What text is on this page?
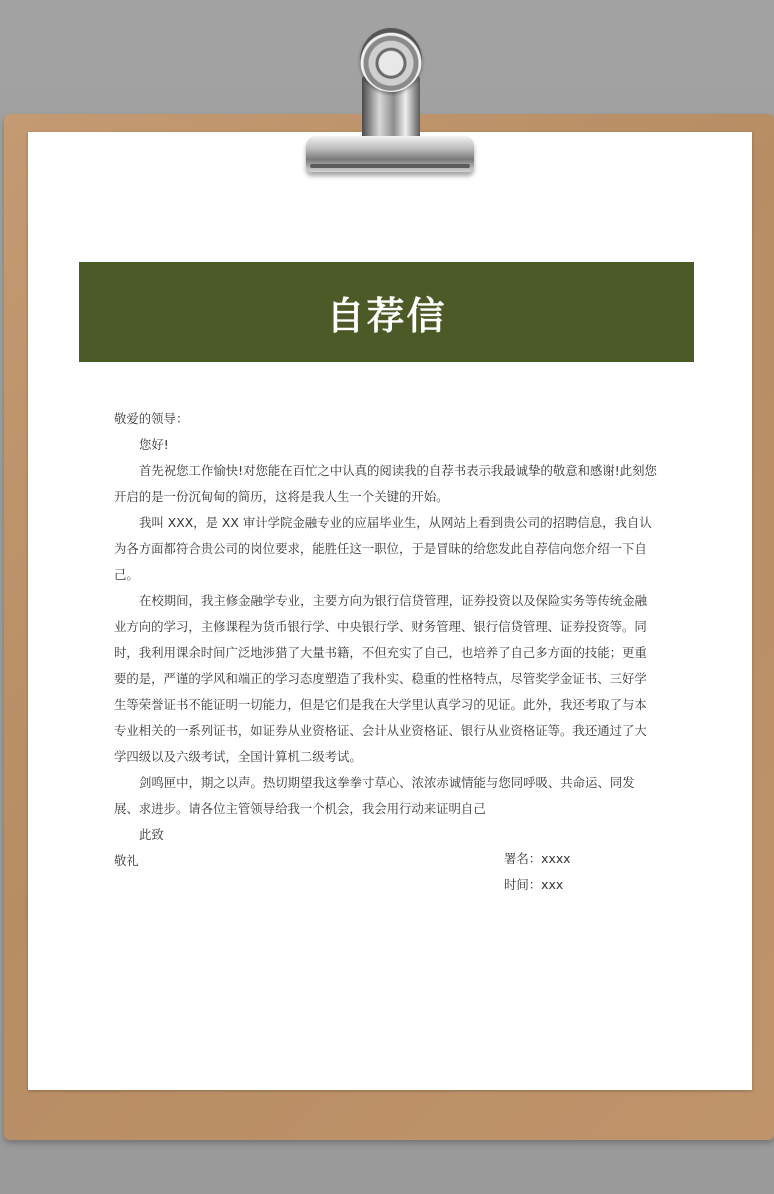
自荐信

敬爱的领导：

您好!

首先祝您工作愉快!对您能在百忙之中认真的阅读我的自荐书表示我最诚挚的敬意和感谢!此刻您开启的是一份沉甸甸的简历，这将是我人生一个关键的开始。

我叫 XXX，是 XX 审计学院金融专业的应届毕业生，从网站上看到贵公司的招聘信息，我自认为各方面都符合贵公司的岗位要求，能胜任这一职位，于是冒昧的给您发此自荐信向您介绍一下自己。

在校期间，我主修金融学专业，主要方向为银行信贷管理，证券投资以及保险实务等传统金融业方向的学习，主修课程为货币银行学、中央银行学、财务管理、银行信贷管理、证券投资等。同时，我利用课余时间广泛地涉猎了大量书籍，不但充实了自己，也培养了自己多方面的技能；更重要的是，严谨的学风和端正的学习态度塑造了我朴实、稳重的性格特点，尽管奖学金证书、三好学生等荣誉证书不能证明一切能力，但是它们是我在大学里认真学习的见证。此外，我还考取了与本专业相关的一系列证书，如证券从业资格证、会计从业资格证、银行从业资格证等。我还通过了大学四级以及六级考试，全国计算机二级考试。

剑鸣匣中，期之以声。热切期望我这拳拳寸草心、浓浓赤诚情能与您同呼吸、共命运、同发展、求进步。请各位主管领导给我一个机会，我会用行动来证明自己

此致

敬礼	署名：xxxx
时间：xxx
